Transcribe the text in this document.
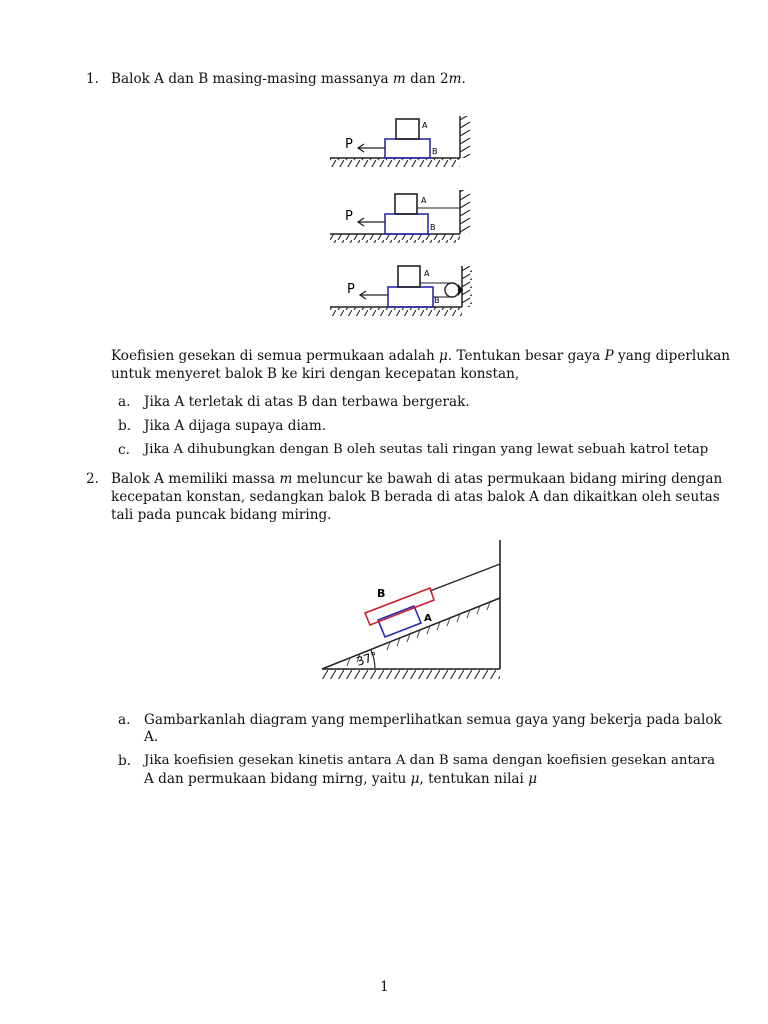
1. Balok A dan B masing-masing massanya m dan 2m.
P
A
B
P
A
B
P
A
B
Koefisien gesekan di semua permukaan adalah μ. Tentukan besar gaya P yang diperlukan
untuk menyeret balok B ke kiri dengan kecepatan konstan,
a. Jika A terletak di atas B dan terbawa bergerak.
b. Jika A dijaga supaya diam.
c. Jika A dihubungkan dengan B oleh seutas tali ringan yang lewat sebuah katrol tetap
2. Balok A memiliki massa m meluncur ke bawah di atas permukaan bidang miring dengan
kecepatan konstan, sedangkan balok B berada di atas balok A dan dikaitkan oleh seutas
tali pada puncak bidang miring.
37°
B
A
a. Gambarkanlah diagram yang memperlihatkan semua gaya yang bekerja pada balok
A.
b. Jika koefisien gesekan kinetis antara A dan B sama dengan koefisien gesekan antara
A dan permukaan bidang mirng, yaitu μ, tentukan nilai μ
1
